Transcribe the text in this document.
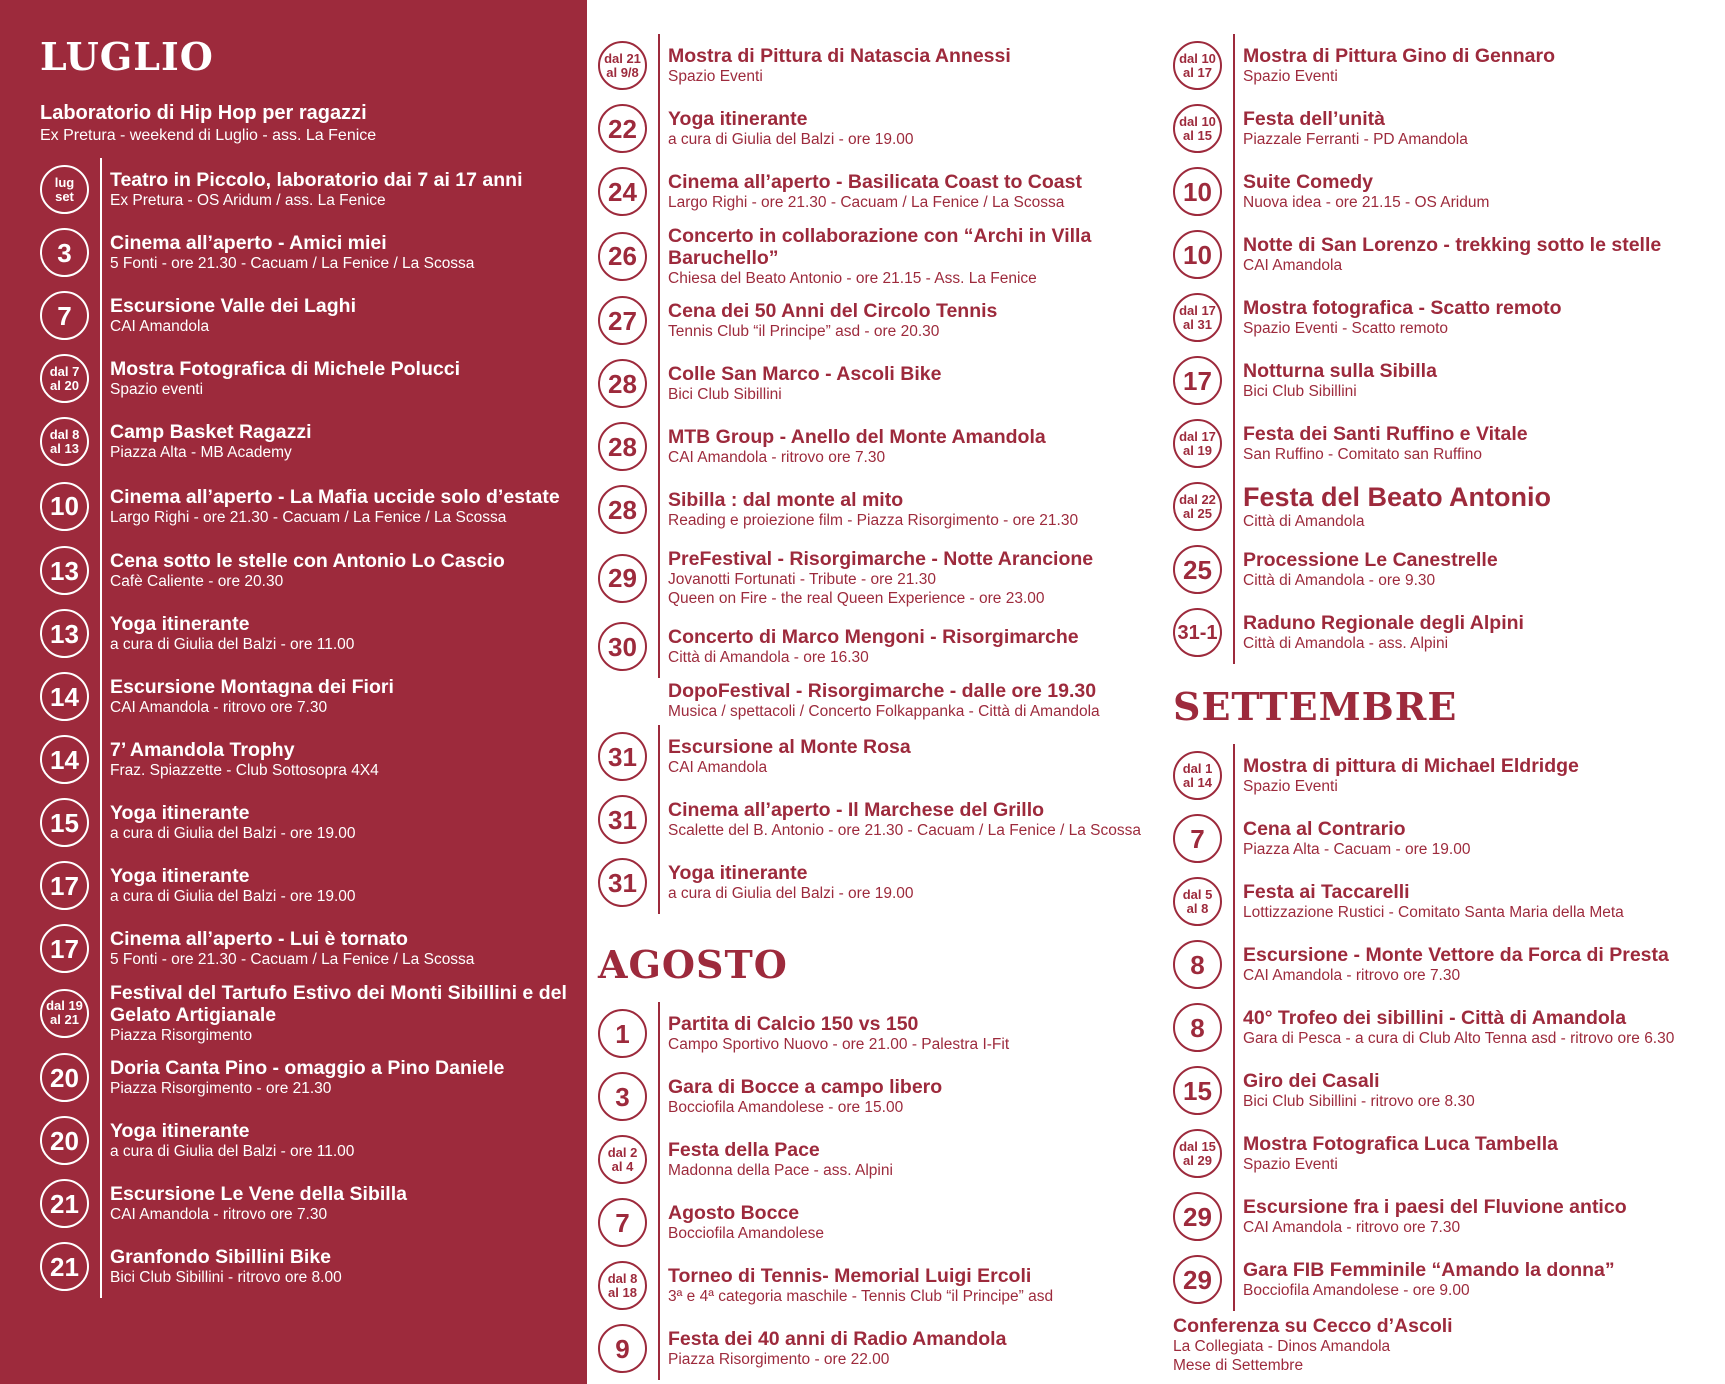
LUGLIO
Laboratorio di Hip Hop per ragazzi
Ex Pretura - weekend di Luglio - ass. La Fenice
lug
set
Teatro in Piccolo, laboratorio dai 7 ai 17 anni
Ex Pretura - OS Aridum / ass. La Fenice
3 Cinema all’aperto - Amici miei
5 Fonti - ore 21.30 - Cacuam / La Fenice / La Scossa
7 Escursione Valle dei Laghi
CAI Amandola
dal 7
al 20
Mostra Fotografica di Michele Polucci
Spazio eventi
dal 8
al 13
Camp Basket Ragazzi
Piazza Alta - MB Academy
10 Cinema all’aperto - La Mafia uccide solo d’estate
Largo Righi - ore 21.30 - Cacuam / La Fenice / La Scossa
13 Cena sotto le stelle con Antonio Lo Cascio
Cafè Caliente - ore 20.30
13 Yoga itinerante
a cura di Giulia del Balzi - ore 11.00
14 Escursione Montagna dei Fiori
CAI Amandola - ritrovo ore 7.30
14 7’ Amandola Trophy
Fraz. Spiazzette - Club Sottosopra 4X4
15 Yoga itinerante
a cura di Giulia del Balzi - ore 19.00
17 Yoga itinerante
a cura di Giulia del Balzi - ore 19.00
17 Cinema all’aperto - Lui è tornato
5 Fonti - ore 21.30 - Cacuam / La Fenice / La Scossa
dal 19
al 21
Festival del Tartufo Estivo dei Monti Sibillini e del Gelato Artigianale
Piazza Risorgimento
20 Doria Canta Pino - omaggio a Pino Daniele
Piazza Risorgimento - ore 21.30
20 Yoga itinerante
a cura di Giulia del Balzi - ore 11.00
21 Escursione Le Vene della Sibilla
CAI Amandola - ritrovo ore 7.30
21 Granfondo Sibillini Bike
Bici Club Sibillini - ritrovo ore 8.00
dal 21
al 9/8
Mostra di Pittura di Natascia Annessi
Spazio Eventi
22 Yoga itinerante
a cura di Giulia del Balzi - ore 19.00
24 Cinema all’aperto - Basilicata Coast to Coast
Largo Righi - ore 21.30 - Cacuam / La Fenice / La Scossa
26
Concerto in collaborazione con “Archi in Villa Baruchello”
Chiesa del Beato Antonio - ore 21.15 - Ass. La Fenice
27 Cena dei 50 Anni del Circolo Tennis
Tennis Club “il Principe” asd - ore 20.30
28 Colle San Marco - Ascoli Bike
Bici Club Sibillini
28 MTB Group - Anello del Monte Amandola
CAI Amandola - ritrovo ore 7.30
28 Sibilla : dal monte al mito
Reading e proiezione film - Piazza Risorgimento - ore 21.30
29
PreFestival - Risorgimarche - Notte Arancione
Jovanotti Fortunati - Tribute - ore 21.30
Queen on Fire - the real Queen Experience - ore 23.00
30 Concerto di Marco Mengoni - Risorgimarche
Città di Amandola - ore 16.30
DopoFestival - Risorgimarche - dalle ore 19.30
Musica / spettacoli / Concerto Folkappanka - Città di Amandola
31 Escursione al Monte Rosa
CAI Amandola
31 Cinema all’aperto - Il Marchese del Grillo
Scalette del B. Antonio - ore 21.30 - Cacuam / La Fenice / La Scossa
31 Yoga itinerante
a cura di Giulia del Balzi - ore 19.00
AGOSTO
1 Partita di Calcio 150 vs 150
Campo Sportivo Nuovo - ore 21.00 - Palestra I-Fit
3 Gara di Bocce a campo libero
Bocciofila Amandolese - ore 15.00
dal 2
al 4
Festa della Pace
Madonna della Pace - ass. Alpini
7 Agosto Bocce
Bocciofila Amandolese
dal 8
al 18
Torneo di Tennis- Memorial Luigi Ercoli
3ª e 4ª categoria maschile - Tennis Club “il Principe” asd
9 Festa dei 40 anni di Radio Amandola
Piazza Risorgimento - ore 22.00
dal 10
al 17
Mostra di Pittura Gino di Gennaro
Spazio Eventi
dal 10
al 15
Festa dell’unità
Piazzale Ferranti - PD Amandola
10 Suite Comedy
Nuova idea - ore 21.15 - OS Aridum
10 Notte di San Lorenzo - trekking sotto le stelle
CAI Amandola
dal 17
al 31
Mostra fotografica - Scatto remoto
Spazio Eventi - Scatto remoto
17 Notturna sulla Sibilla
Bici Club Sibillini
dal 17
al 19
Festa dei Santi Ruffino e Vitale
San Ruffino - Comitato san Ruffino
dal 22
al 25
Festa del Beato Antonio
Città di Amandola
25 Processione Le Canestrelle
Città di Amandola - ore 9.30
31-1 Raduno Regionale degli Alpini
Città di Amandola - ass. Alpini
SETTEMBRE
dal 1
al 14
Mostra di pittura di Michael Eldridge
Spazio Eventi
7 Cena al Contrario
Piazza Alta - Cacuam - ore 19.00
dal 5
al 8
Festa ai Taccarelli
Lottizzazione Rustici - Comitato Santa Maria della Meta
8 Escursione - Monte Vettore da Forca di Presta
CAI Amandola - ritrovo ore 7.30
8 40° Trofeo dei sibillini - Città di Amandola
Gara di Pesca - a cura di Club Alto Tenna asd - ritrovo ore 6.30
15 Giro dei Casali
Bici Club Sibillini - ritrovo ore 8.30
dal 15
al 29
Mostra Fotografica Luca Tambella
Spazio Eventi
29 Escursione fra i paesi del Fluvione antico
CAI Amandola - ritrovo ore 7.30
29 Gara FIB Femminile “Amando la donna”
Bocciofila Amandolese - ore 9.00
Conferenza su Cecco d’Ascoli
La Collegiata - Dinos Amandola
Mese di Settembre
